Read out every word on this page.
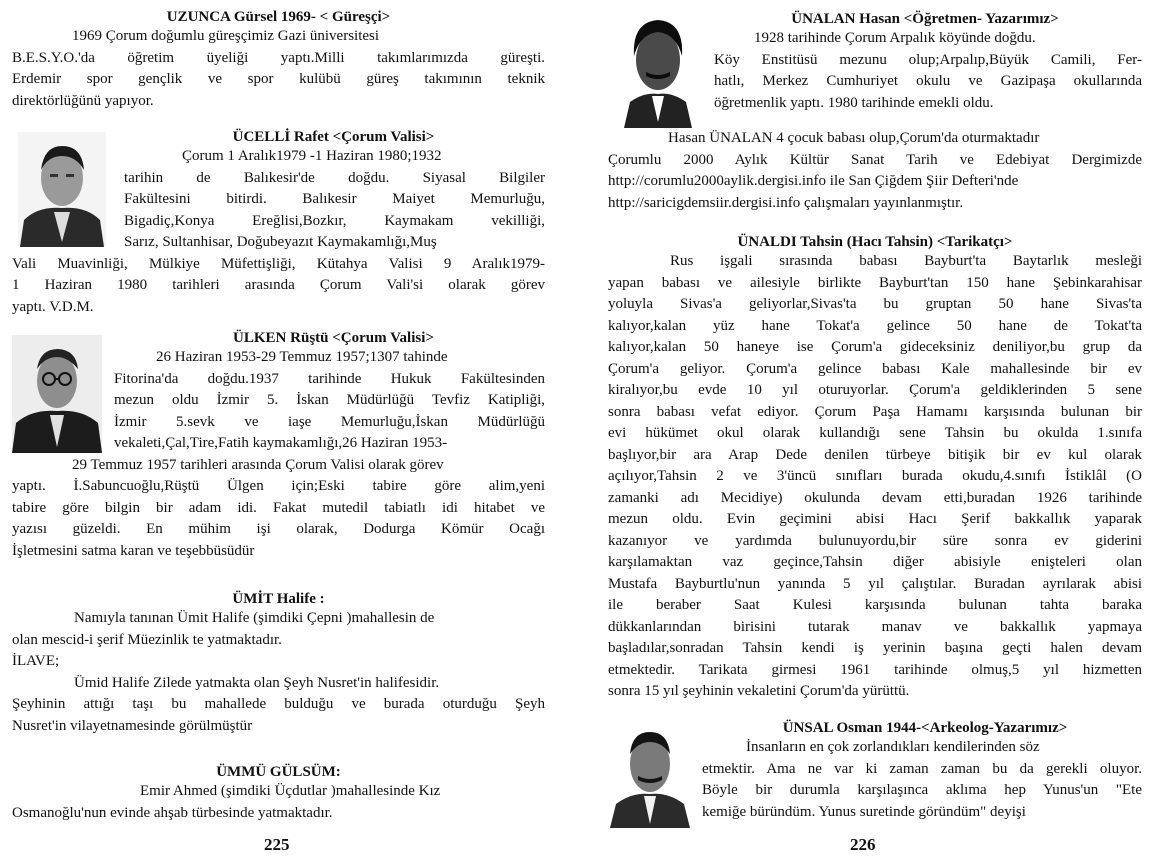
UZUNCA Gürsel 1969- < Güreşçi>
1969 Çorum doğumlu güreşçimiz Gazi üniversitesi
B.E.S.Y.O.'da öğretim üyeliği yaptı.Milli takımlarımızda güreşti.
Erdemir spor gençlik ve spor kulübü güreş takımının teknik
direktörlüğünü yapıyor.
ÜCELLİ Rafet <Çorum Valisi>
Çorum 1 Aralık1979 -1 Haziran 1980;1932
tarihin de Balıkesir'de doğdu. Siyasal Bilgiler
Fakültesini bitirdi. Balıkesir Maiyet Memurluğu,
Bigadiç,Konya Ereğlisi,Bozkır, Kaymakam vekilliği,
Sarız, Sultanhisar, Doğubeyazıt Kaymakamlığı,Muş
Vali Muavinliği, Mülkiye Müfettişliği, Kütahya Valisi 9 Aralık1979-
1 Haziran 1980 tarihleri arasında Çorum Vali'si olarak görev
yaptı. V.D.M.
ÜLKEN Rüştü <Çorum Valisi>
26 Haziran 1953-29 Temmuz 1957;1307 tahinde
Fitorina'da doğdu.1937 tarihinde Hukuk Fakültesinden
mezun oldu İzmir 5. İskan Müdürlüğü Tevfiz Katipliği,
İzmir 5.sevk ve iaşe Memurluğu,İskan Müdürlüğü
vekaleti,Çal,Tire,Fatih kaymakamlığı,26 Haziran 1953-
29 Temmuz 1957 tarihleri arasında Çorum Valisi olarak görev
yaptı. İ.Sabuncuoğlu,Rüştü Ülgen için;Eski tabire göre alim,yeni
tabire göre bilgin bir adam idi. Fakat mutedil tabiatlı idi hitabet ve
yazısı güzeldi. En mühim işi olarak, Dodurga Kömür Ocağı
İşletmesini satma karan ve teşebbüsüdür
ÜMİT Halife :
Namıyla tanınan Ümit Halife (şimdiki Çepni )mahallesin de
olan mescid-i şerif Müezinlik te yatmaktadır.
İLAVE;
Ümid Halife Zilede yatmakta olan Şeyh Nusret'in halifesidir.
Şeyhinin attığı taşı bu mahallede bulduğu ve burada oturduğu Şeyh
Nusret'in vilayetnamesinde görülmüştür
ÜMMÜ GÜLSÜM:
Emir Ahmed (şimdiki Üçdutlar )mahallesinde Kız
Osmanoğlu'nun evinde ahşab türbesinde yatmaktadır.
225
ÜNALAN Hasan <Öğretmen- Yazarımız>
1928 tarihinde Çorum Arpalık köyünde doğdu.
Köy Enstitüsü mezunu olup;Arpalıp,Büyük Camili, Fer-
hatlı, Merkez Cumhuriyet okulu ve Gazipaşa okullarında
öğretmenlik yaptı. 1980 tarihinde emekli oldu.
Hasan ÜNALAN 4 çocuk babası olup,Çorum'da oturmaktadır
Çorumlu 2000 Aylık Kültür Sanat Tarih ve Edebiyat Dergimizde
http://corumlu2000aylik.dergisi.info ile San Çiğdem Şiir Defteri'nde
http://saricigdemsiir.dergisi.info çalışmaları yayınlanmıştır.
ÜNALDI Tahsin (Hacı Tahsin) <Tarikatçı>
Rus işgali sırasında babası Bayburt'ta Baytarlık mesleği
yapan babası ve ailesiyle birlikte Bayburt'tan 150 hane Şebinkarahisar
yoluyla Sivas'a geliyorlar,Sivas'ta bu gruptan 50 hane Sivas'ta
kalıyor,kalan yüz hane Tokat'a gelince 50 hane de Tokat'ta
kalıyor,kalan 50 haneye ise Çorum'a gideceksiniz deniliyor,bu grup da
Çorum'a geliyor. Çorum'a gelince babası Kale mahallesinde bir ev
kiralıyor,bu evde 10 yıl oturuyorlar. Çorum'a geldiklerinden 5 sene
sonra babası vefat ediyor. Çorum Paşa Hamamı karşısında bulunan bir
evi hükümet okul olarak kullandığı sene Tahsin bu okulda 1.sınıfa
başlıyor,bir ara Arap Dede denilen türbeye bitişik bir ev kul olarak
açılıyor,Tahsin 2 ve 3'üncü sınıfları burada okudu,4.sınıfı İstiklâl (O
zamanki adı Mecidiye) okulunda devam etti,buradan 1926 tarihinde
mezun oldu. Evin geçimini abisi Hacı Şerif bakkallık yaparak
kazanıyor ve yardımda bulunuyordu,bir süre sonra ev giderini
karşılamaktan vaz geçince,Tahsin diğer abisiyle enişteleri olan
Mustafa Bayburtlu'nun yanında 5 yıl çalıştılar. Buradan ayrılarak abisi
ile beraber Saat Kulesi karşısında bulunan tahta baraka
dükkanlarından birisini tutarak manav ve bakkallık yapmaya
başladılar,sonradan Tahsin kendi iş yerinin başına geçti halen devam
etmektedir. Tarikata girmesi 1961 tarihinde olmuş,5 yıl hizmetten
sonra 15 yıl şeyhinin vekaletini Çorum'da yürüttü.
ÜNSAL Osman 1944-<Arkeolog-Yazarımız>
İnsanların en çok zorlandıkları kendilerinden söz
etmektir. Ama ne var ki zaman zaman bu da gerekli oluyor.
Böyle bir durumla karşılaşınca aklıma hep Yunus'un "Ete
kemiğe büründüm. Yunus suretinde göründüm" deyişi
226
